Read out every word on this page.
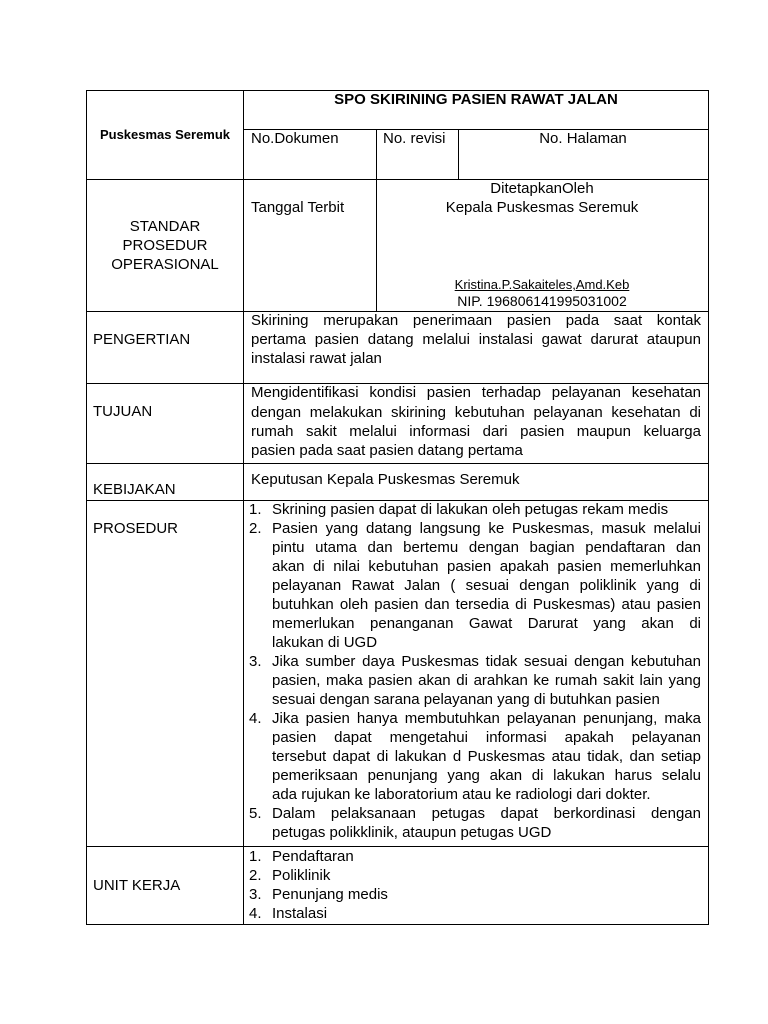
Puskesmas Seremuk
SPO SKIRINING PASIEN RAWAT JALAN
No.Dokumen	No. revisi	No. Halaman
STANDAR
PROSEDUR
OPERASIONAL
Tanggal Terbit
DitetapkanOleh
Kepala Puskesmas Seremuk
Kristina.P.Sakaiteles,Amd.Keb
NIP. 196806141995031002
PENGERTIAN
Skirining merupakan penerimaan pasien pada saat kontak
pertama pasien datang melalui instalasi gawat darurat ataupun
instalasi rawat jalan
TUJUAN
Mengidentifikasi kondisi pasien terhadap pelayanan kesehatan
dengan melakukan skirining kebutuhan pelayanan kesehatan di
rumah sakit melalui informasi dari pasien maupun keluarga
pasien pada saat pasien datang pertama
KEBIJAKAN
Keputusan Kepala Puskesmas Seremuk
PROSEDUR
1. Skrining pasien dapat di lakukan oleh petugas rekam medis
2. Pasien yang datang langsung ke Puskesmas, masuk melalui
pintu utama dan bertemu dengan bagian pendaftaran dan
akan di nilai kebutuhan pasien apakah pasien memerluhkan
pelayanan Rawat Jalan ( sesuai dengan poliklinik yang di
butuhkan oleh pasien dan tersedia di Puskesmas) atau pasien
memerlukan penanganan Gawat Darurat yang akan di
lakukan di UGD
3. Jika sumber daya Puskesmas tidak sesuai dengan kebutuhan
pasien, maka pasien akan di arahkan ke rumah sakit lain yang
sesuai dengan sarana pelayanan yang di butuhkan pasien
4. Jika pasien hanya membutuhkan pelayanan penunjang, maka
pasien dapat mengetahui informasi apakah pelayanan
tersebut dapat di lakukan d Puskesmas atau tidak, dan setiap
pemeriksaan penunjang yang akan di lakukan harus selalu
ada rujukan ke laboratorium atau ke radiologi dari dokter.
5. Dalam pelaksanaan petugas dapat berkordinasi dengan
petugas polikklinik, ataupun petugas UGD
UNIT KERJA
1. Pendaftaran
2. Poliklinik
3. Penunjang medis
4. Instalasi
